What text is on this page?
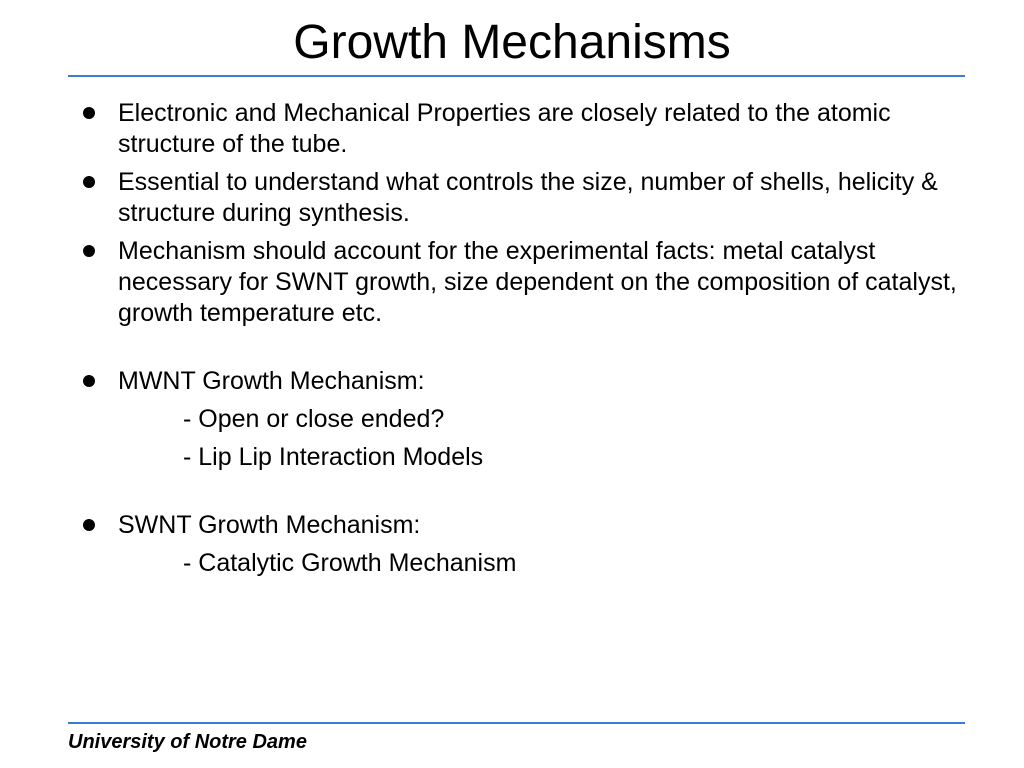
Growth Mechanisms
Electronic and Mechanical Properties are closely related to the atomic structure of the tube.
Essential to understand what controls the size, number of shells, helicity & structure during synthesis.
Mechanism should account for the experimental facts: metal catalyst necessary for SWNT growth, size dependent on the composition of catalyst, growth temperature etc.
MWNT Growth Mechanism:
- Open or close ended?
- Lip Lip Interaction Models
SWNT Growth Mechanism:
- Catalytic Growth Mechanism
University of Notre Dame
